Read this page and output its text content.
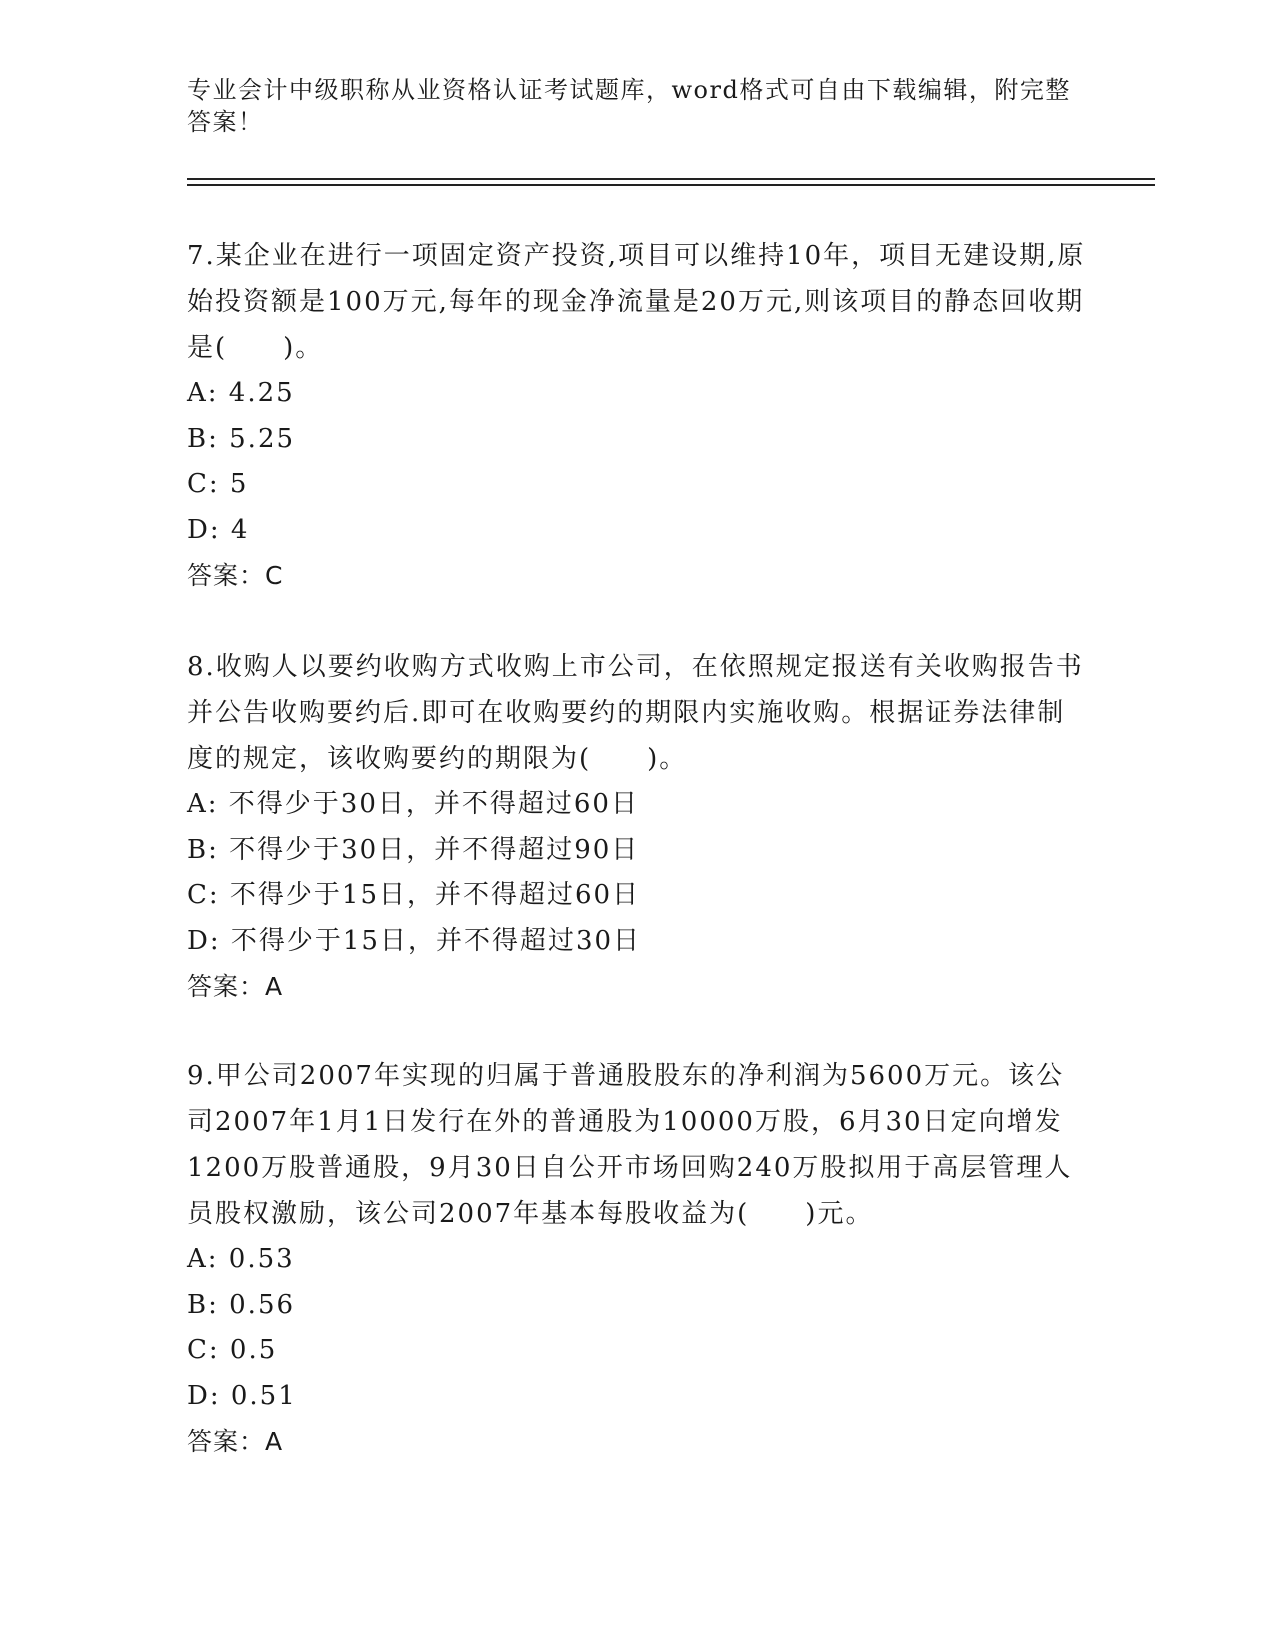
专业会计中级职称从业资格认证考试题库，word格式可自由下载编辑，附完整答案！

7.某企业在进行一项固定资产投资,项目可以维持10年，项目无建设期,原始投资额是100万元,每年的现金净流量是20万元,则该项目的静态回收期是(　　)。

A: 4.25

B: 5.25

C: 5

D: 4

答案：C

8.收购人以要约收购方式收购上市公司，在依照规定报送有关收购报告书并公告收购要约后.即可在收购要约的期限内实施收购。根据证券法律制度的规定，该收购要约的期限为(　　)。

A: 不得少于30日，并不得超过60日

B: 不得少于30日，并不得超过90日

C: 不得少于15日，并不得超过60日

D: 不得少于15日，并不得超过30日

答案：A

9.甲公司2007年实现的归属于普通股股东的净利润为5600万元。该公司2007年1月1日发行在外的普通股为10000万股，6月30日定向增发1200万股普通股，9月30日自公开市场回购240万股拟用于高层管理人员股权激励，该公司2007年基本每股收益为(　　)元。

A: 0.53

B: 0.56

C: 0.5

D: 0.51

答案：A
